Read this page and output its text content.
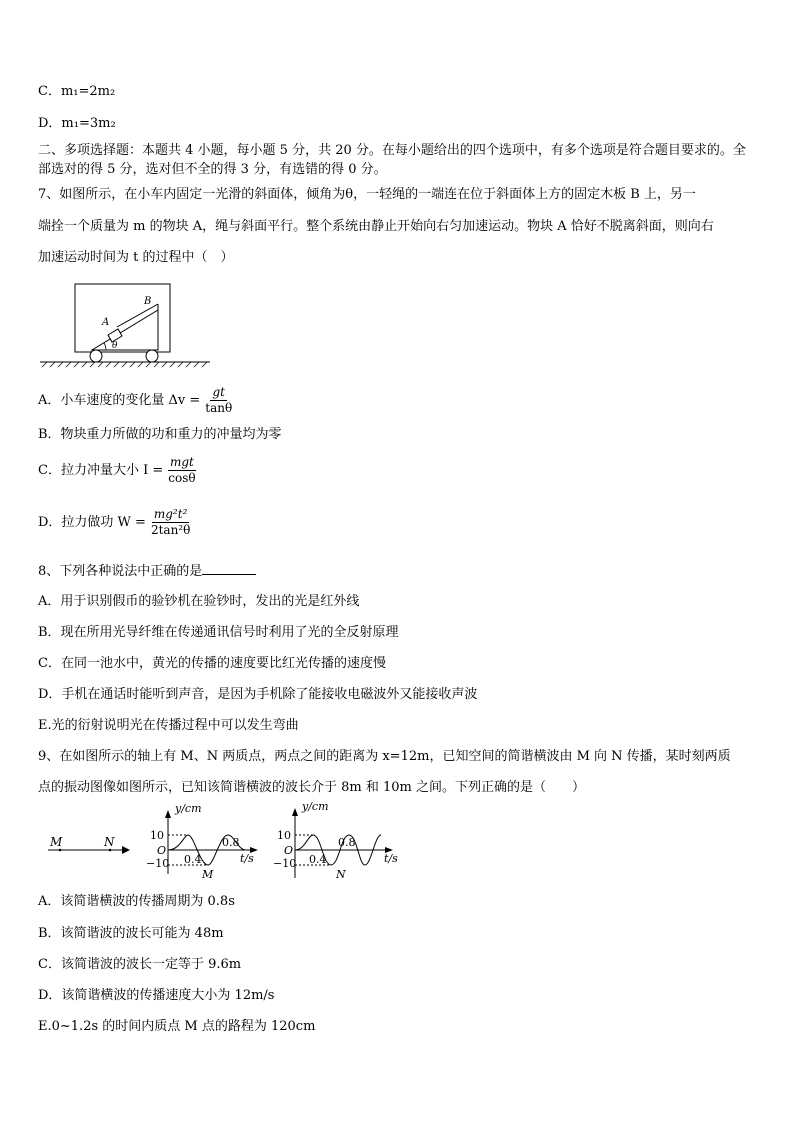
C．m₁=2m₂
D．m₁=3m₂
二、多项选择题：本题共 4 小题，每小题 5 分，共 20 分。在每小题给出的四个选项中，有多个选项是符合题目要求的。全部选对的得 5 分，选对但不全的得 3 分，有选错的得 0 分。
7、如图所示，在小车内固定一光滑的斜面体，倾角为θ，一轻绳的一端连在位于斜面体上方的固定木板 B 上，另一
端拴一个质量为 m 的物块 A，绳与斜面平行。整个系统由静止开始向右匀加速运动。物块 A 恰好不脱离斜面，则向右
加速运动时间为 t 的过程中（　）
A
B
θ
A．小车速度的变化量 $\Delta v = \frac{gt}{\tan\theta}$
B．物块重力所做的功和重力的冲量均为零
C．拉力冲量大小 $I = \frac{\text{mgt}}{\cos\theta}$
D．拉力做功 $W = \frac{\text{mg²t²}}{\text{2tan²θ}}$
8、下列各种说法中正确的是
A．用于识别假币的验钞机在验钞时，发出的光是红外线
B．现在所用光导纤维在传递通讯信号时利用了光的全反射原理
C．在同一池水中，黄光的传播的速度要比红光传播的速度慢
D．手机在通话时能听到声音，是因为手机除了能接收电磁波外又能接收声波
E.光的衍射说明光在传播过程中可以发生弯曲
9、在如图所示的轴上有 M、N 两质点，两点之间的距离为 x=12m，已知空间的简谐横波由 M 向 N 传播，某时刻两质
点的振动图像如图所示，已知该简谐横波的波长介于 8m 和 10m 之间。下列正确的是（　　）
M	N
y/cm
10
−10
O
0.4
0.8
M
t/s
y/cm
10
−10
O
0.4
0.8
N
t/s
A．该简谐横波的传播周期为 0.8s
B．该简谐波的波长可能为 48m
C．该简谐波的波长一定等于 9.6m
D．该简谐横波的传播速度大小为 12m/s
E.0~1.2s 的时间内质点 M 点的路程为 120cm
